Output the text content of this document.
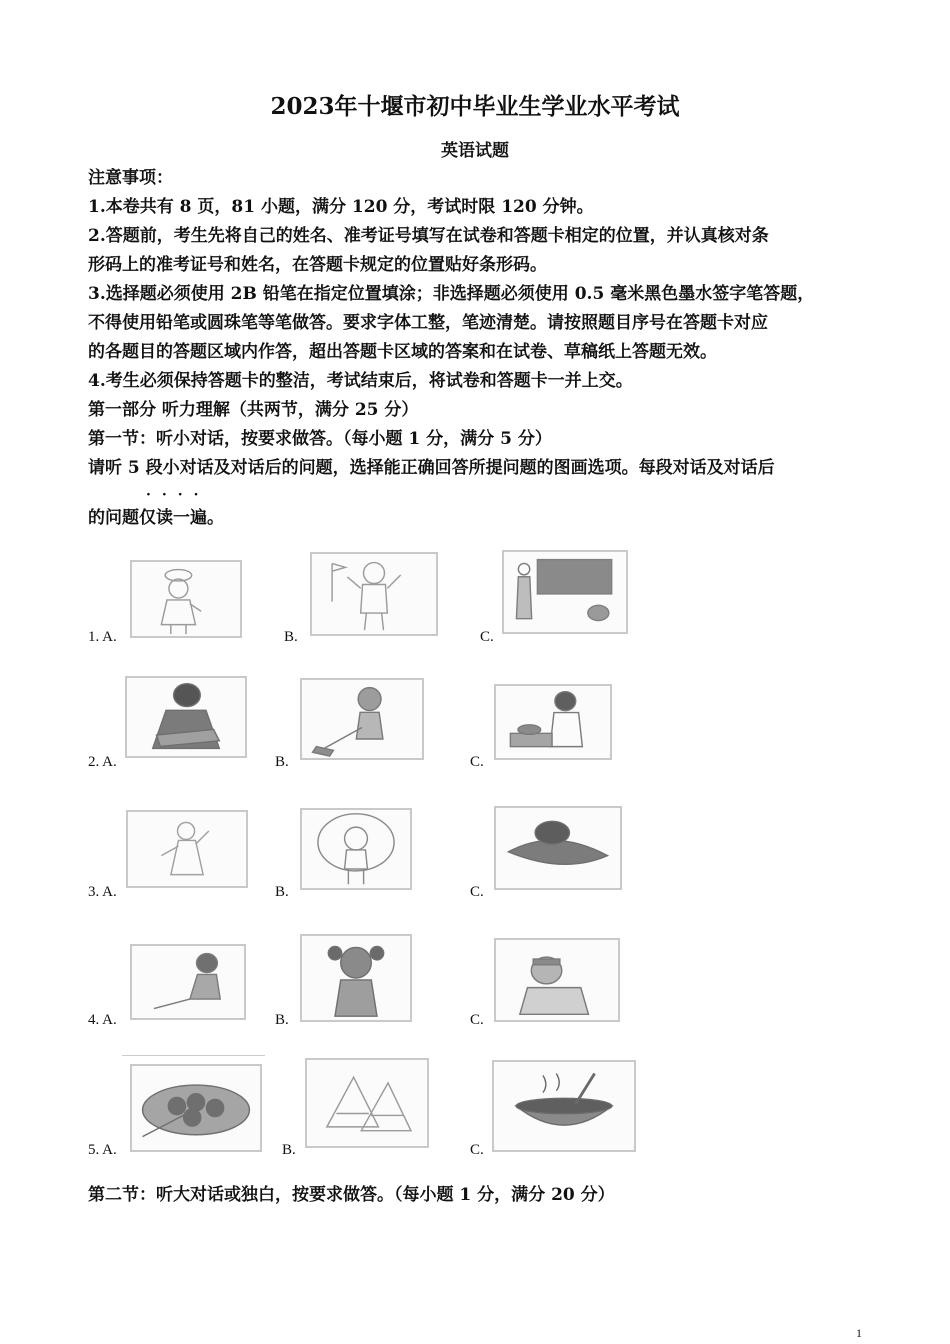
2023年十堰市初中毕业生学业水平考试
英语试题
注意事项：
1.本卷共有 8 页，81 小题，满分 120 分，考试时限 120 分钟。
2.答题前，考生先将自己的姓名、准考证号填写在试卷和答题卡相定的位置，并认真核对条
形码上的准考证号和姓名，在答题卡规定的位置贴好条形码。
3.选择题必须使用 2B 铅笔在指定位置填涂；非选择题必须使用 0.5 毫米黑色墨水签字笔答题，
不得使用铅笔或圆珠笔等笔做答。要求字体工整，笔迹清楚。请按照题目序号在答题卡对应
的各题目的答题区域内作答，超出答题卡区域的答案和在试卷、草稿纸上答题无效。
4.考生必须保持答题卡的整洁，考试结束后，将试卷和答题卡一并上交。
第一部分 听力理解（共两节，满分 25 分）
第一节：听小对话，按要求做答。（每小题 1 分，满分 5 分）
请听 5 段小对话及对话后的问题，选择能正确回答所提问题的图画选项。每段对话及对话后
····
的问题仅读一遍。
1. A.	B.	C.
2. A.	B.	C.
3. A.	B.	C.
4. A.	B.	C.
5. A.	B.	C.
第二节：听大对话或独白，按要求做答。（每小题 1 分，满分 20 分）
1
